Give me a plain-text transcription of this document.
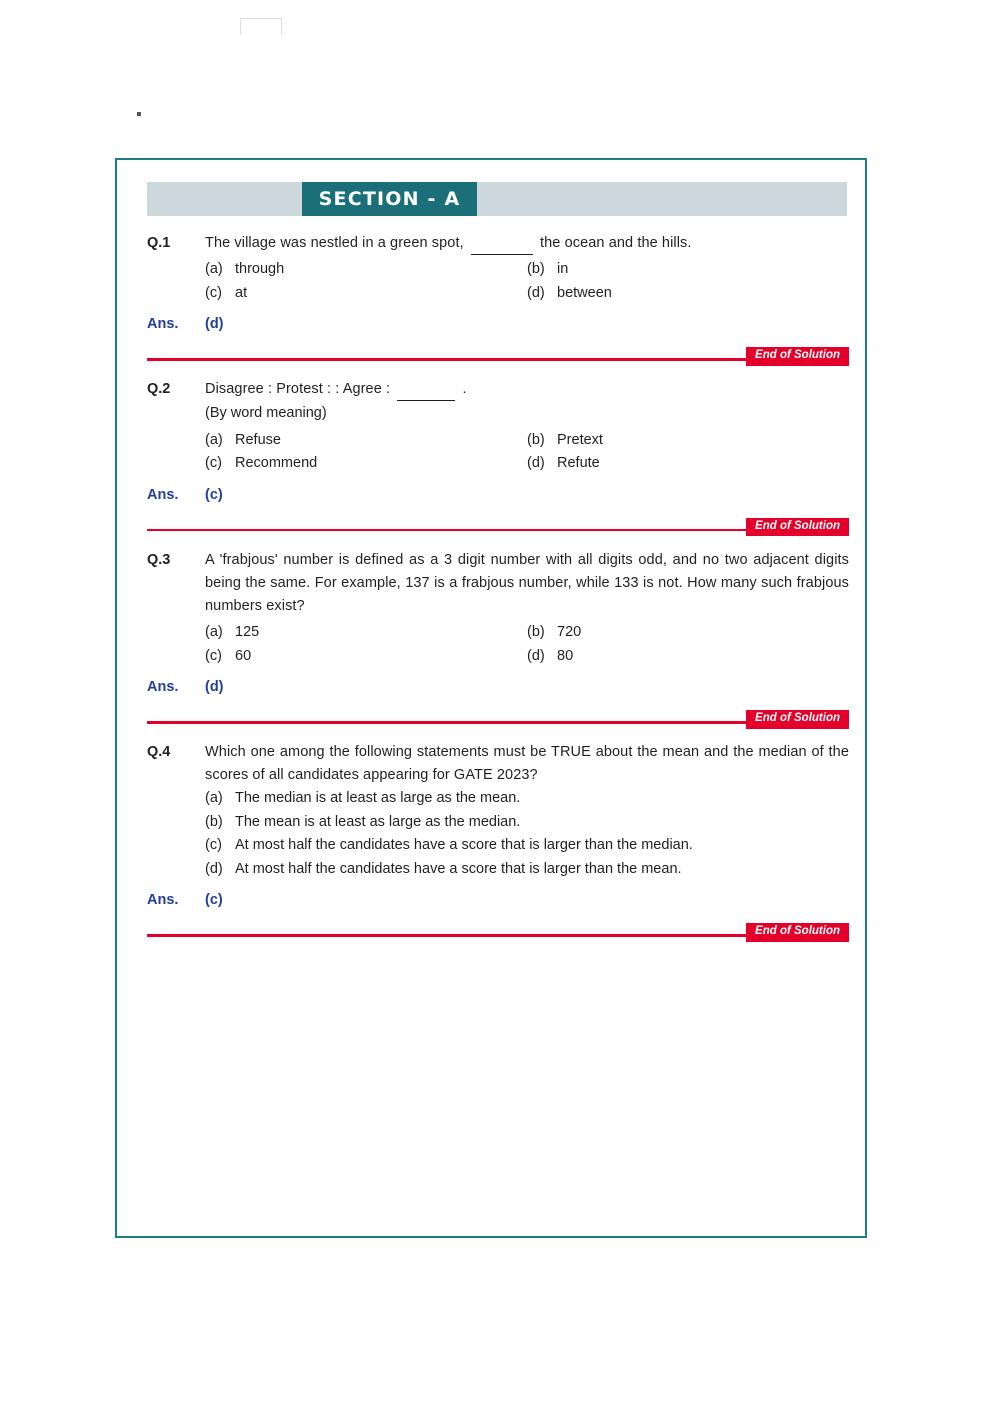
SECTION - A
Q.1	The village was nestled in a green spot,	the ocean and the hills.
(a) through	(b) in
(c) at	(d) between
Ans.	(d)
End of Solution
Q.2	Disagree : Protest : : Agree :	.
(By word meaning)
(a) Refuse	(b) Pretext
(c) Recommend	(d) Refute
Ans.	(c)
End of Solution
Q.3	A 'frabjous' number is defined as a 3 digit number with all digits odd, and no two adjacent digits being the same. For example, 137 is a frabjous number, while 133 is not. How many such frabjous numbers exist?
(a) 125	(b) 720
(c) 60	(d) 80
Ans.	(d)
End of Solution
Q.4	Which one among the following statements must be TRUE about the mean and the median of the scores of all candidates appearing for GATE 2023?
(a) The median is at least as large as the mean.
(b) The mean is at least as large as the median.
(c) At most half the candidates have a score that is larger than the median.
(d) At most half the candidates have a score that is larger than the mean.
Ans.	(c)
End of Solution
